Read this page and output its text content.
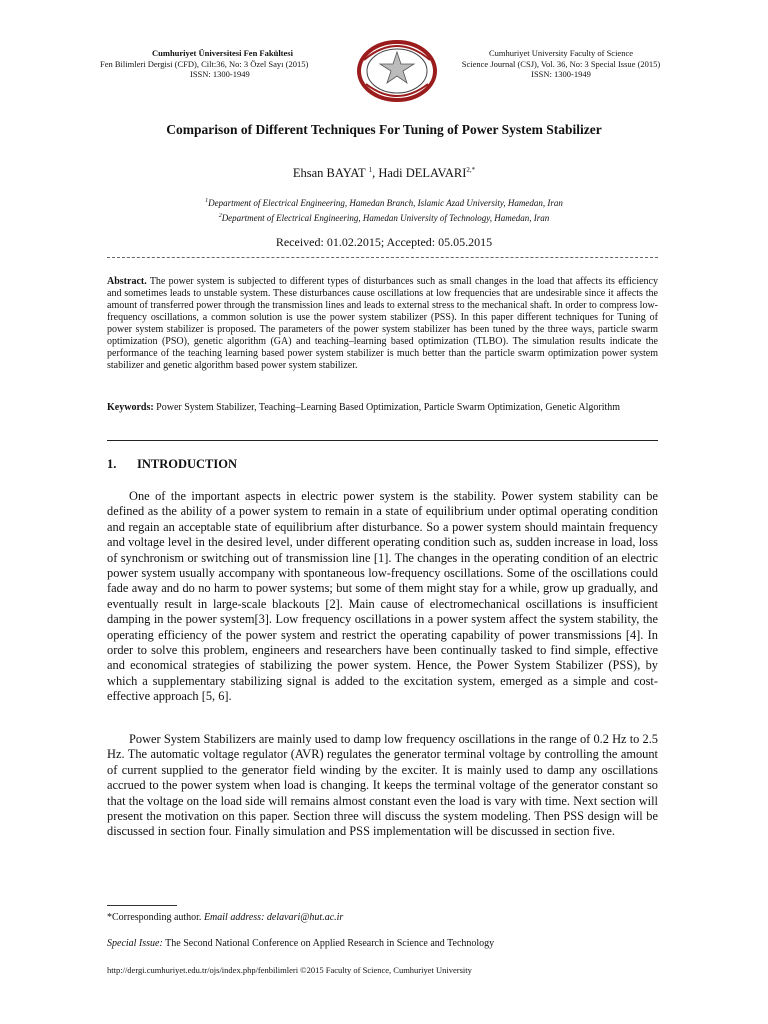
Cumhuriyet Üniversitesi Fen Fakültesi
Fen Bilimleri Dergisi (CFD), Cilt:36, No: 3 Özel Sayı (2015)
ISSN: 1300-1949
Cumhuriyet University Faculty of Science
Science Journal (CSJ), Vol. 36, No: 3 Special Issue (2015)
ISSN: 1300-1949
Comparison of Different Techniques For Tuning of Power System Stabilizer
Ehsan BAYAT $^1$, Hadi $DELAVARI^{2,*}$
$^1$Department of Electrical Engineering, Hamedan Branch, Islamic Azad University, Hamedan, Iran
$^2$Department of Electrical Engineering, Hamedan University of Technology, Hamedan, Iran
Received: 01.02.2015; Accepted: 05.05.2015
Abstract. The power system is subjected to different types of disturbances such as small changes in the load that affects its efficiency and sometimes leads to unstable system. These disturbances cause oscillations at low frequencies that are undesirable since it affects the amount of transferred power through the transmission lines and leads to external stress to the mechanical shaft. In order to compress low-frequency oscillations, a common solution is use the power system stabilizer (PSS). In this paper different techniques for Tuning of power system stabilizer is proposed. The parameters of the power system stabilizer has been tuned by the three ways, particle swarm optimization (PSO), genetic algorithm (GA) and teaching–learning based optimization (TLBO). The simulation results indicate the performance of the teaching learning based power system stabilizer is much better than the particle swarm optimization power system stabilizer and genetic algorithm based power system stabilizer.
Keywords: Power System Stabilizer, Teaching–Learning Based Optimization, Particle Swarm Optimization, Genetic Algorithm
1. INTRODUCTION
One of the important aspects in electric power system is the stability. Power system stability can be defined as the ability of a power system to remain in a state of equilibrium under optimal operating condition and regain an acceptable state of equilibrium after disturbance. So a power system should maintain frequency and voltage level in the desired level, under different operating condition such as, sudden increase in load, loss of synchronism or switching out of transmission line [1]. The changes in the operating condition of an electric power system usually accompany with spontaneous low-frequency oscillations. Some of the oscillations could fade away and do no harm to power systems; but some of them might stay for a while, grow up gradually, and eventually result in large-scale blackouts [2]. Main cause of electromechanical oscillations is insufficient damping in the power system[3]. Low frequency oscillations in a power system affect the system stability, the operating efficiency of the power system and restrict the operating capability of power transmissions [4]. In order to solve this problem, engineers and researchers have been continually tasked to find simple, effective and economical strategies of stabilizing the power system. Hence, the Power System Stabilizer (PSS), by which a supplementary stabilizing signal is added to the excitation system, emerged as a simple and cost-effective approach [5, 6].
Power System Stabilizers are mainly used to damp low frequency oscillations in the range of 0.2 Hz to 2.5 Hz. The automatic voltage regulator (AVR) regulates the generator terminal voltage by controlling the amount of current supplied to the generator field winding by the exciter. It is mainly used to damp any oscillations accrued to the power system when load is changing. It keeps the terminal voltage of the generator constant so that the voltage on the load side will remains almost constant even the load is vary with time. Next section will present the motivation on this paper. Section three will discuss the system modeling. Then PSS design will be discussed in section four. Finally simulation and PSS implementation will be discussed in section five.
*Corresponding author. Email address: delavari@hut.ac.ir
Special Issue: The Second National Conference on Applied Research in Science and Technology
http://dergi.cumhuriyet.edu.tr/ojs/index.php/fenbilimleri ©2015 Faculty of Science, Cumhuriyet University
